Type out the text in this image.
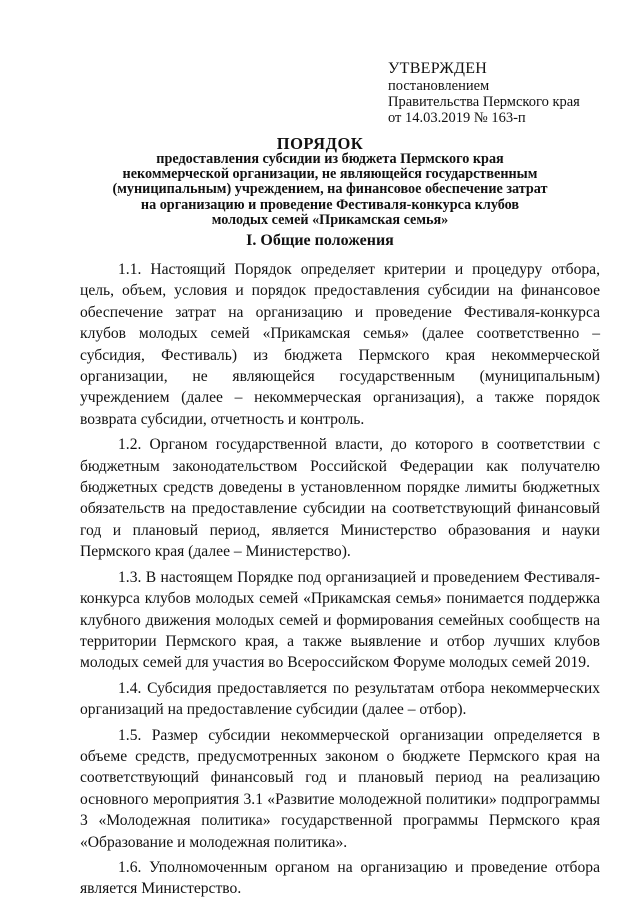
УТВЕРЖДЕН
постановлением
Правительства Пермского края
от 14.03.2019 № 163-п
ПОРЯДОК
предоставления субсидии из бюджета Пермского края некоммерческой организации, не являющейся государственным (муниципальным) учреждением, на финансовое обеспечение затрат на организацию и проведение Фестиваля-конкурса клубов молодых семей «Прикамская семья»
I. Общие положения

1.1. Настоящий Порядок определяет критерии и процедуру отбора, цель, объем, условия и порядок предоставления субсидии на финансовое обеспечение затрат на организацию и проведение Фестиваля-конкурса клубов молодых семей «Прикамская семья» (далее соответственно – субсидия, Фестиваль) из бюджета Пермского края некоммерческой организации, не являющейся государственным (муниципальным) учреждением (далее – некоммерческая организация), а также порядок возврата субсидии, отчетность и контроль.

1.2. Органом государственной власти, до которого в соответствии с бюджетным законодательством Российской Федерации как получателю бюджетных средств доведены в установленном порядке лимиты бюджетных обязательств на предоставление субсидии на соответствующий финансовый год и плановый период, является Министерство образования и науки Пермского края (далее – Министерство).

1.3. В настоящем Порядке под организацией и проведением Фестиваля-конкурса клубов молодых семей «Прикамская семья» понимается поддержка клубного движения молодых семей и формирования семейных сообществ на территории Пермского края, а также выявление и отбор лучших клубов молодых семей для участия во Всероссийском Форуме молодых семей 2019.

1.4. Субсидия предоставляется по результатам отбора некоммерческих организаций на предоставление субсидии (далее – отбор).

1.5. Размер субсидии некоммерческой организации определяется в объеме средств, предусмотренных законом о бюджете Пермского края на соответствующий финансовый год и плановый период на реализацию основного мероприятия 3.1 «Развитие молодежной политики» подпрограммы 3 «Молодежная политика» государственной программы Пермского края «Образование и молодежная политика».

1.6. Уполномоченным органом на организацию и проведение отбора является Министерство.
